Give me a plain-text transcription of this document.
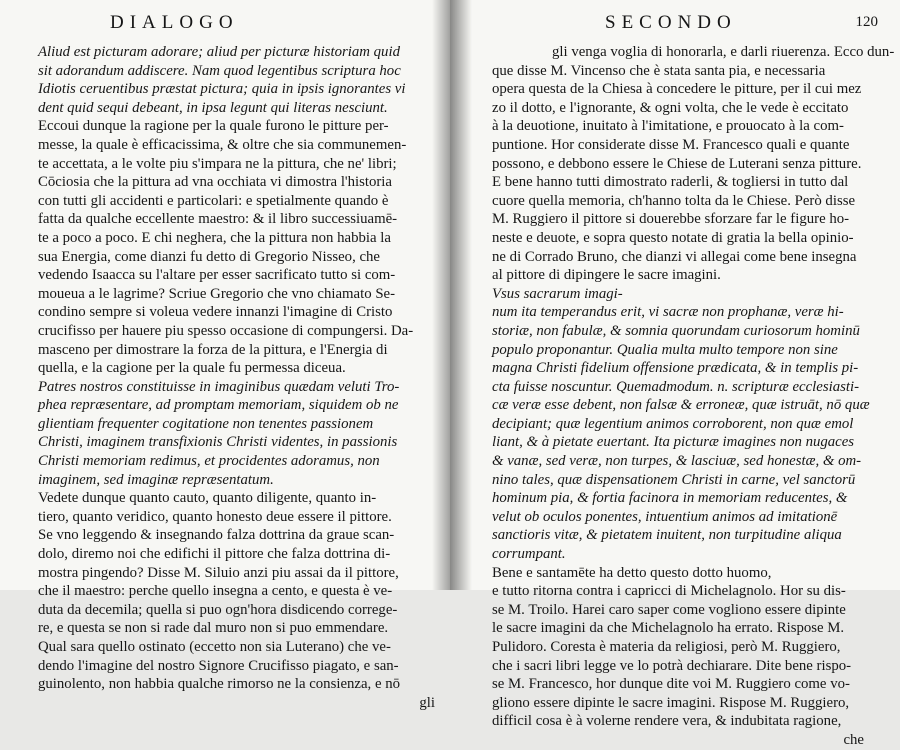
DIALOGO
Aliud est picturam adorare; aliud per picturæ historiam quid
sit adorandum addiscere. Nam quod legentibus scriptura hoc
Idiotis ceruentibus præstat pictura; quia in ipsis ignorantes vi
dent quid sequi debeant, in ipsa legunt qui literas nesciunt.
Eccoui dunque la ragione per la quale furono le pitture per-
messe, la quale è efficacissima, & oltre che sia communemen-
te accettata, a le volte piu s'impara ne la pittura, che ne' libri;
Cōciosia che la pittura ad vna occhiata vi dimostra l'historia
con tutti gli accidenti e particolari: e spetialmente quando è
fatta da qualche eccellente maestro: & il libro successiuamē-
te a poco a poco. E chi neghera, che la pittura non habbia la
sua Energia, come dianzi fu detto di Gregorio Nisseo, che
vedendo Isaacca su l'altare per esser sacrificato tutto si com-
moueua a le lagrime? Scriue Gregorio che vno chiamato Se-
condino sempre si voleua vedere innanzi l'imagine di Cristo
crucifisso per hauere piu spesso occasione di compungersi. Da-
masceno per dimostrare la forza de la pittura, e l'Energia di
quella, e la cagione per la quale fu permessa diceua.
Patres nostros constituisse in imaginibus quædam veluti Tro-
phea repræsentare, ad promptam memoriam, siquidem ob ne
glientiam frequenter cogitatione non tenentes passionem
Christi, imaginem transfixionis Christi videntes, in passionis
Christi memoriam redimus, et procidentes adoramus, non
imaginem, sed imaginæ repræsentatum.
Vedete dunque quanto cauto, quanto diligente, quanto in-
tiero, quanto veridico, quanto honesto deue essere il pittore.
Se vno leggendo & insegnando falza dottrina da graue scan-
dolo, diremo noi che edifichi il pittore che falza dottrina di-
mostra pingendo? Disse M. Siluio anzi piu assai da il pittore,
che il maestro: perche quello insegna a cento, e questa è ve-
duta da decemila; quella si puo ogn'hora disdicendo correge-
re, e questa se non si rade dal muro non si puo emmendare.
Qual sara quello ostinato (eccetto non sia Luterano) che ve-
dendo l'imagine del nostro Signore Crucifisso piagato, e san-
guinolento, non habbia qualche rimorso ne la consienza, e nō
gli
SECONDO	120
gli venga voglia di honorarla, e darli riuerenza. Ecco dun-
que disse M. Vincenso che è stata santa pia, e necessaria
opera questa de la Chiesa à concedere le pitture, per il cui mez
zo il dotto, e l'ignorante, & ogni volta, che le vede è eccitato
à la deuotione, inuitato à l'imitatione, e prouocato à la com-
puntione. Hor considerate disse M. Francesco quali e quante
possono, e debbono essere le Chiese de Luterani senza pitture.
E bene hanno tutti dimostrato raderli, & togliersi in tutto dal
cuore quella memoria, ch'hanno tolta da le Chiese. Però disse
M. Ruggiero il pittore si douerebbe sforzare far le figure ho-
neste e deuote, e sopra questo notate di gratia la bella opinio-
ne di Corrado Bruno, che dianzi vi allegai come bene insegna
al pittore di dipingere le sacre imagini.
Vsus sacrarum imagi-
num ita temperandus erit, vi sacræ non prophanæ, veræ hi-
storiæ, non fabulæ, & somnia quorundam curiosorum hominū
populo proponantur. Qualia multa multo tempore non sine
magna Christi fidelium offensione prædicata, & in templis pi-
cta fuisse noscuntur. Quemadmodum. n. scripturæ ecclesiasti-
cæ veræ esse debent, non falsæ & erroneæ, quæ istruāt, nō quæ
decipiant; quæ legentium animos corroborent, non quæ emol
liant, & à pietate euertant. Ita picturæ imagines non nugaces
& vanæ, sed veræ, non turpes, & lasciuæ, sed honestæ, & om-
nino tales, quæ dispensationem Christi in carne, vel sanctorū
hominum pia, & fortia facinora in memoriam reducentes, &
velut ob oculos ponentes, intuentium animos ad imitationē
sanctioris vitæ, & pietatem inuitent, non turpitudine aliqua
corrumpant.
Bene e santamēte ha detto questo dotto huomo,
e tutto ritorna contra i capricci di Michelagnolo. Hor su dis-
se M. Troilo. Harei caro saper come vogliono essere dipinte
le sacre imagini da che Michelagnolo ha errato. Rispose M.
Pulidoro. Coresta è materia da religiosi, però M. Ruggiero,
che i sacri libri legge ve lo potrà dechiarare. Dite bene rispo-
se M. Francesco, hor dunque dite voi M. Ruggiero come vo-
gliono essere dipinte le sacre imagini. Rispose M. Ruggiero,
difficil cosa è à volerne rendere vera, & indubitata ragione,
che
